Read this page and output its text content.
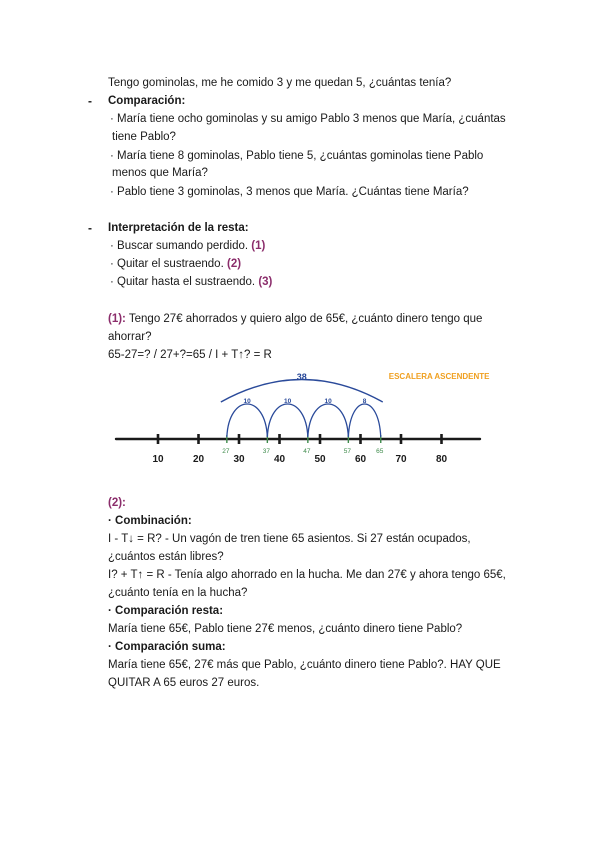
Tengo gominolas, me he comido 3 y me quedan 5, ¿cuántas tenía?
- Comparación:
· María tiene ocho gominolas y su amigo Pablo 3 menos que María, ¿cuántas
tiene Pablo?
· María tiene 8 gominolas, Pablo tiene 5, ¿cuántas gominolas tiene Pablo
menos que María?
· Pablo tiene 3 gominolas, 3 menos que María. ¿Cuántas tiene María?
- Interpretación de la resta:
· Buscar sumando perdido. (1)
· Quitar el sustraendo. (2)
· Quitar hasta el sustraendo. (3)
(1): Tengo 27€ ahorrados y quiero algo de 65€, ¿cuánto dinero tengo que
ahorrar?
65-27=? / 27+?=65 / I + T↑? = R
10	20	30	40	50	60	70	80
27	37	47	57	65
10	10	10	8
38	ESCALERA ASCENDENTE
(2):
· Combinación:
I - T↓ = R? - Un vagón de tren tiene 65 asientos. Si 27 están ocupados,
¿cuántos están libres?
I? + T↑ = R - Tenía algo ahorrado en la hucha. Me dan 27€ y ahora tengo 65€,
¿cuánto tenía en la hucha?
· Comparación resta:
María tiene 65€, Pablo tiene 27€ menos, ¿cuánto dinero tiene Pablo?
· Comparación suma:
María tiene 65€, 27€ más que Pablo, ¿cuánto dinero tiene Pablo?. HAY QUE
QUITAR A 65 euros 27 euros.
